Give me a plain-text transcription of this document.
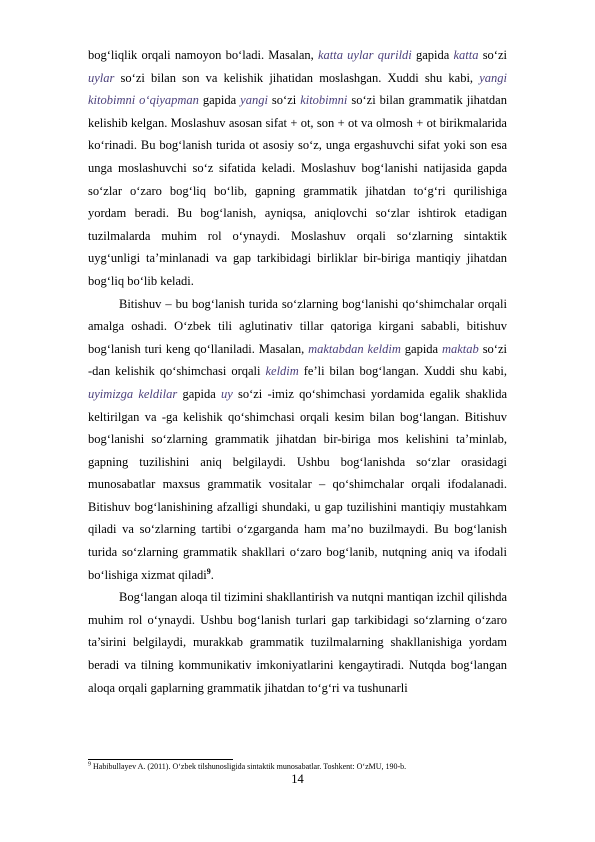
bog‘liqlik orqali namoyon bo‘ladi. Masalan, katta uylar qurildi gapida katta so‘zi uylar so‘zi bilan son va kelishik jihatidan moslashgan. Xuddi shu kabi, yangi kitobimni o‘qiyapman gapida yangi so‘zi kitobimni so‘zi bilan grammatik jihatdan kelishib kelgan. Moslashuv asosan sifat + ot, son + ot va olmosh + ot birikmalarida ko‘rinadi. Bu bog‘lanish turida ot asosiy so‘z, unga ergashuvchi sifat yoki son esa unga moslashuvchi so‘z sifatida keladi. Moslashuv bog‘lanishi natijasida gapda so‘zlar o‘zaro bog‘liq bo‘lib, gapning grammatik jihatdan to‘g‘ri qurilishiga yordam beradi. Bu bog‘lanish, ayniqsa, aniqlovchi so‘zlar ishtirok etadigan tuzilmalarda muhim rol o‘ynaydi. Moslashuv orqali so‘zlarning sintaktik uyg‘unligi ta’minlanadi va gap tarkibidagi birliklar bir-biriga mantiqiy jihatdan bog‘liq bo‘lib keladi.

Bitishuv – bu bog‘lanish turida so‘zlarning bog‘lanishi qo‘shimchalar orqali amalga oshadi. O‘zbek tili aglutinativ tillar qatoriga kirgani sababli, bitishuv bog‘lanish turi keng qo‘llaniladi. Masalan, maktabdan keldim gapida maktab so‘zi -dan kelishik qo‘shimchasi orqali keldim fe’li bilan bog‘langan. Xuddi shu kabi, uyimizga keldilar gapida uy so‘zi -imiz qo‘shimchasi yordamida egalik shaklida keltirilgan va -ga kelishik qo‘shimchasi orqali kesim bilan bog‘langan. Bitishuv bog‘lanishi so‘zlarning grammatik jihatdan bir-biriga mos kelishini ta’minlab, gapning tuzilishini aniq belgilaydi. Ushbu bog‘lanishda so‘zlar orasidagi munosabatlar maxsus grammatik vositalar – qo‘shimchalar orqali ifodalanadi. Bitishuv bog‘lanishining afzalligi shundaki, u gap tuzilishini mantiqiy mustahkam qiladi va so‘zlarning tartibi o‘zgarganda ham ma’no buzilmaydi. Bu bog‘lanish turida so‘zlarning grammatik shakllari o‘zaro bog‘lanib, nutqning aniq va ifodali bo‘lishiga xizmat qiladi$^9$.

Bog‘langan aloqa til tizimini shakllantirish va nutqni mantiqan izchil qilishda muhim rol o‘ynaydi. Ushbu bog‘lanish turlari gap tarkibidagi so‘zlarning o‘zaro ta’sirini belgilaydi, murakkab grammatik tuzilmalarning shakllanishiga yordam beradi va tilning kommunikativ imkoniyatlarini kengaytiradi. Nutqda bog‘langan aloqa orqali gaplarning grammatik jihatdan to‘g‘ri va tushunarli

$^9$ Habibullayev A. (2011). O‘zbek tilshunosligida sintaktik munosabatlar. Toshkent: O‘zMU, 190-b.
14
